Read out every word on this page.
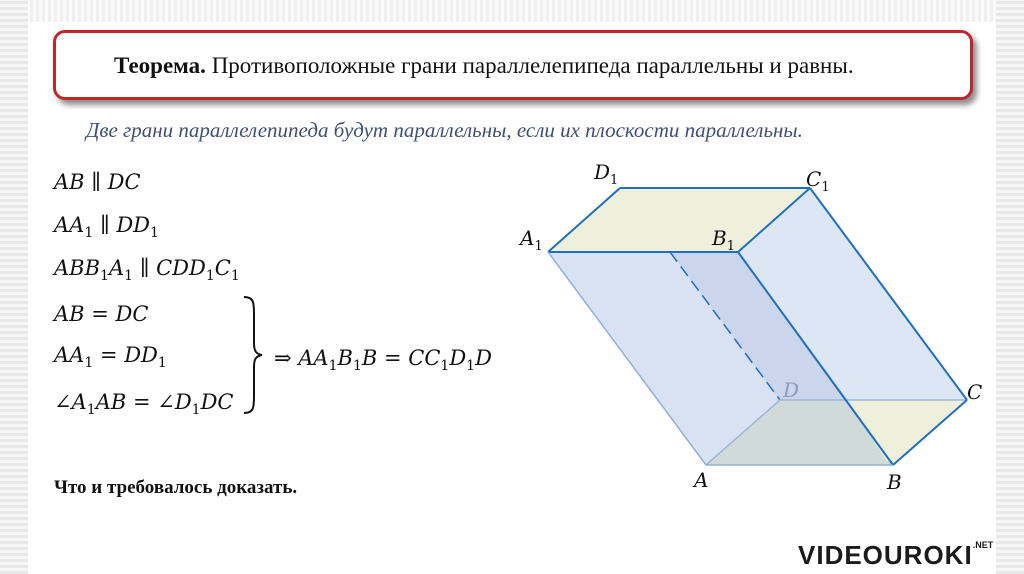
Теорема. Противоположные грани параллелепипеда параллельны и равны.
Две грани параллелепипеда будут параллельны, если их плоскости параллельны.
AB ∥ DC
$AA_1$ ∥ $DD_1$
$ABB_1A_1$ ∥ $CDD_1C_1$
AB = DC
$AA_1 = DD_1$
$\angle A_1AB$ = $\angle D_1DC$
⇒ $AA_1B_1B = CC_1D_1D$
Что и требовалось доказать.
$D_1$	$C_1$
$A_1$	$B_1$
D	C
A	B
$VIDEOUROKI^{.NET}$
